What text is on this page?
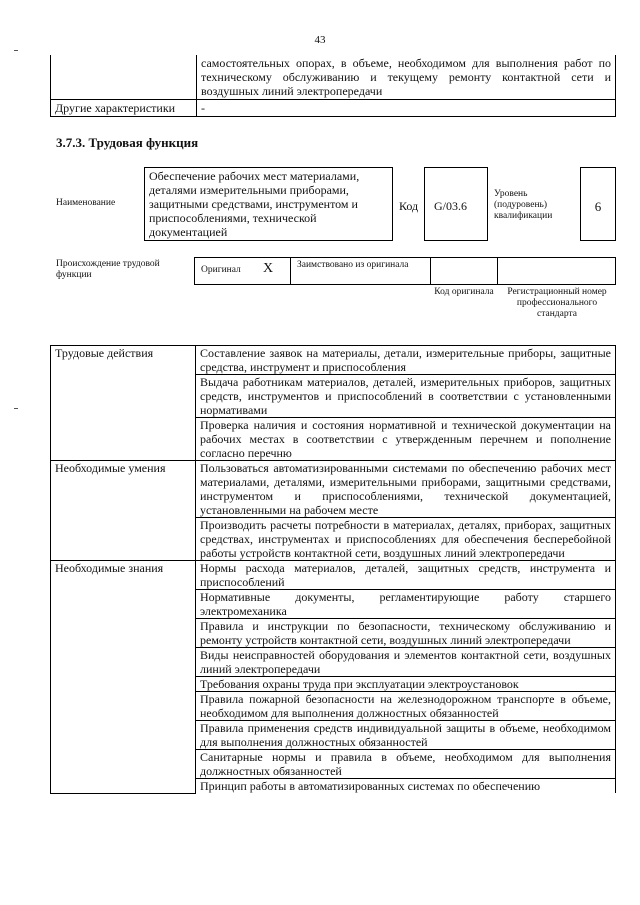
43
	самостоятельных опорах, в объеме, необходимом для выполнения работ по техническому обслуживанию и текущему ремонту контактной сети и воздушных линий электропередачи
Другие характеристики	-
3.7.3. Трудовая функция
Наименование
Обеспечение рабочих мест материалами, деталями измерительными приборами, защитными средствами, инструментом и приспособлениями, технической документацией
Код	G/03.6
Уровень (подуровень) квалификации
6
Происхождение трудовой функции	Оригинал X	Заимствовано из оригинала
Код оригинала	Регистрационный номер профессионального стандарта
Трудовые действия	Составление заявок на материалы, детали, измерительные приборы, защитные средства, инструмент и приспособления
	Выдача работникам материалов, деталей, измерительных приборов, защитных средств, инструментов и приспособлений в соответствии с установленными нормативами
	Проверка наличия и состояния нормативной и технической документации на рабочих местах в соответствии с утвержденным перечнем и пополнение согласно перечню
Необходимые умения	Пользоваться автоматизированными системами по обеспечению рабочих мест материалами, деталями, измерительными приборами, защитными средствами, инструментом и приспособлениями, технической документацией, установленными на рабочем месте
	Производить расчеты потребности в материалах, деталях, приборах, защитных средствах, инструментах и приспособлениях для обеспечения бесперебойной работы устройств контактной сети, воздушных линий электропередачи
Необходимые знания	Нормы расхода материалов, деталей, защитных средств, инструмента и приспособлений
	Нормативные документы, регламентирующие работу старшего электромеханика
	Правила и инструкции по безопасности, техническому обслуживанию и ремонту устройств контактной сети, воздушных линий электропередачи
	Виды неисправностей оборудования и элементов контактной сети, воздушных линий электропередачи
	Требования охраны труда при эксплуатации электроустановок
	Правила пожарной безопасности на железнодорожном транспорте в объеме, необходимом для выполнения должностных обязанностей
	Правила применения средств индивидуальной защиты в объеме, необходимом для выполнения должностных обязанностей
	Санитарные нормы и правила в объеме, необходимом для выполнения должностных обязанностей
	Принцип работы в автоматизированных системах по обеспечению
